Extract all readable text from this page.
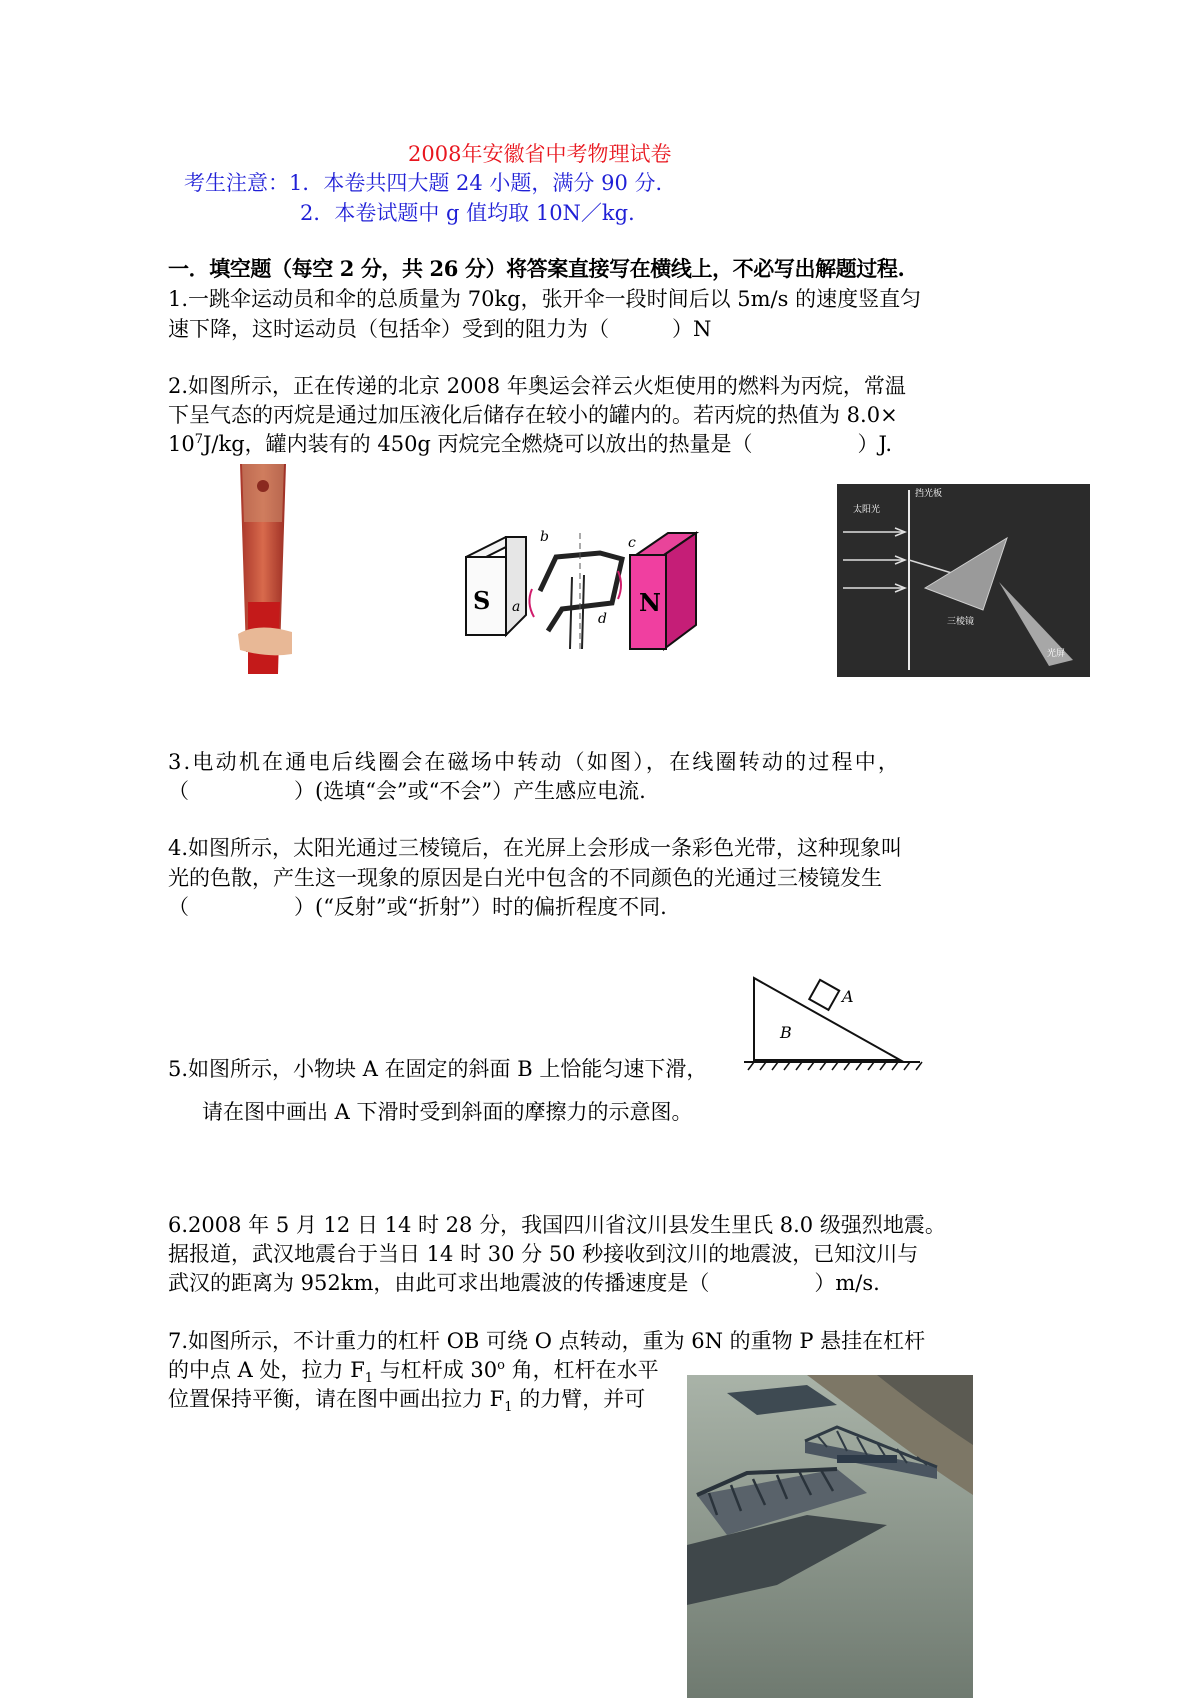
2008年安徽省中考物理试卷
考生注意：1．本卷共四大题 24 小题，满分 90 分．
2．本卷试题中 g 值均取 10N／kg．
一．填空题（每空 2 分，共 26 分）将答案直接写在横线上，不必写出解题过程.
1.一跳伞运动员和伞的总质量为 70kg，张开伞一段时间后以 5m/s 的速度竖直匀
速下降，这时运动员（包括伞）受到的阻力为（　　　）N
2.如图所示，正在传递的北京 2008 年奥运会祥云火炬使用的燃料为丙烷，常温
下呈气态的丙烷是通过加压液化后储存在较小的罐内的。若丙烷的热值为 8.0×
$10^7J/kg$，罐内装有的 450g 丙烷完全燃烧可以放出的热量是（　　　　　）J.
S	N
a
b	c
d
太阳光
挡光板
三棱镜
光屏
3.电动机在通电后线圈会在磁场中转动（如图），在线圈转动的过程中，
（　　　　　）(选填“会”或“不会”）产生感应电流.
4.如图所示，太阳光通过三棱镜后，在光屏上会形成一条彩色光带，这种现象叫
光的色散，产生这一现象的原因是白光中包含的不同颜色的光通过三棱镜发生
（　　　　　）(“反射”或“折射”）时的偏折程度不同.
A
B
5.如图所示，小物块 A 在固定的斜面 B 上恰能匀速下滑，
请在图中画出 A 下滑时受到斜面的摩擦力的示意图。
6.2008 年 5 月 12 日 14 时 28 分，我国四川省汶川县发生里氏 8.0 级强烈地震。
据报道，武汉地震台于当日 14 时 30 分 50 秒接收到汶川的地震波，已知汶川与
武汉的距离为 952km，由此可求出地震波的传播速度是（　　　　　）m/s.
7.如图所示，不计重力的杠杆 OB 可绕 O 点转动，重为 6N 的重物 P 悬挂在杠杆
的中点 A 处，拉力 $F_1$ 与杠杆成 30$^o$ 角，杠杆在水平
位置保持平衡，请在图中画出拉力 $F_1$ 的力臂，并可
